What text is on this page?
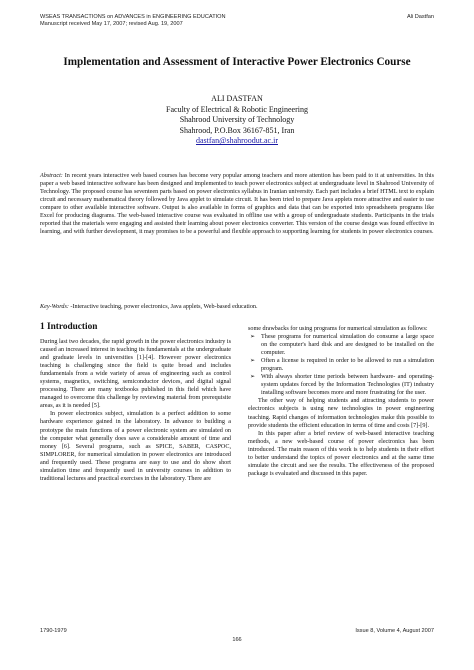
WSEAS TRANSACTIONS on ADVANCES in ENGINEERING EDUCATION
Manuscript received May 17, 2007; revised Aug. 19, 2007
Ali Dastfan
Implementation and Assessment of Interactive Power Electronics Course
ALI DASTFAN
Faculty of Electrical & Robotic Engineering
Shahrood University of Technology
Shahrood, P.O.Box 36167-851, Iran
dastfan@shahroodut.ac.ir
Abstract: In recent years interactive web based courses has become very popular among teachers and more attention has been paid to it at universities. In this paper a web based interactive software has been designed and implemented to teach power electronics subject at undergraduate level in Shahrood University of Technology. The proposed course has seventeen parts based on power electronics syllabus in Iranian university. Each part includes a brief HTML text to explain circuit and necessary mathematical theory followed by Java applet to simulate circuit. It has been tried to prepare Java applets more attractive and easier to use compare to other available interactive software. Output is also available in forms of graphics and data that can be exported into spreadsheets programs like Excel for producing diagrams. The web-based interactive course was evaluated in offline use with a group of undergraduate students. Participants in the trials reported that the materials were engaging and assisted their learning about power electronics converter. This version of the course design was found effective in learning, and with further development, it may promises to be a powerful and flexible approach to supporting learning for students in power electronics courses.
Key-Words: -Interactive teaching, power electronics, Java applets, Web-based education.
1 Introduction

During last two decades, the rapid growth in the power electronics industry is caused an increased interest in teaching its fundamentals at the undergraduate and graduate levels in universities [1]-[4]. However power electronics teaching is challenging since the field is quite broad and includes fundamentals from a wide variety of areas of engineering such as control systems, magnetics, switching, semiconductor devices, and digital signal processing. There are many textbooks published in this field which have managed to overcome this challenge by reviewing material from prerequisite areas, as it is needed [5].

In power electronics subject, simulation is a perfect addition to some hardware experience gained in the laboratory. In advance to building a prototype the main functions of a power electronic system are simulated on the computer what generally does save a considerable amount of time and money [6]. Several programs, such as SPICE, SABER, CASPOC, SIMPLORER, for numerical simulation in power electronics are introduced and frequently used. These programs are easy to use and do show short simulation time and frequently used in university courses in addition to traditional lectures and practical exercises in the laboratory. There are

some drawbacks for using programs for numerical simulation as follows:

➢ These programs for numerical simulation do consume a large space on the computer's hard disk and are designed to be installed on the computer.
➢ Often a license is required in order to be allowed to run a simulation program.
➢ With always shorter time periods between hardware- and operating-system updates forced by the Information Technologies (IT) industry installing software becomes more and more frustrating for the user.

The other way of helping students and attracting students to power electronics subjects is using new technologies in power engineering teaching. Rapid changes of information technologies make this possible to provide students the efficient education in terms of time and costs [7]-[9].

In this paper after a brief review of web-based interactive teaching methods, a new web-based course of power electronics has been introduced. The main reason of this work is to help students in their effort to better understand the topics of power electronics and at the same time simulate the circuit and see the results. The effectiveness of the proposed package is evaluated and discussed in this paper.

1790-1979	Issue 8, Volume 4, August 2007
166
